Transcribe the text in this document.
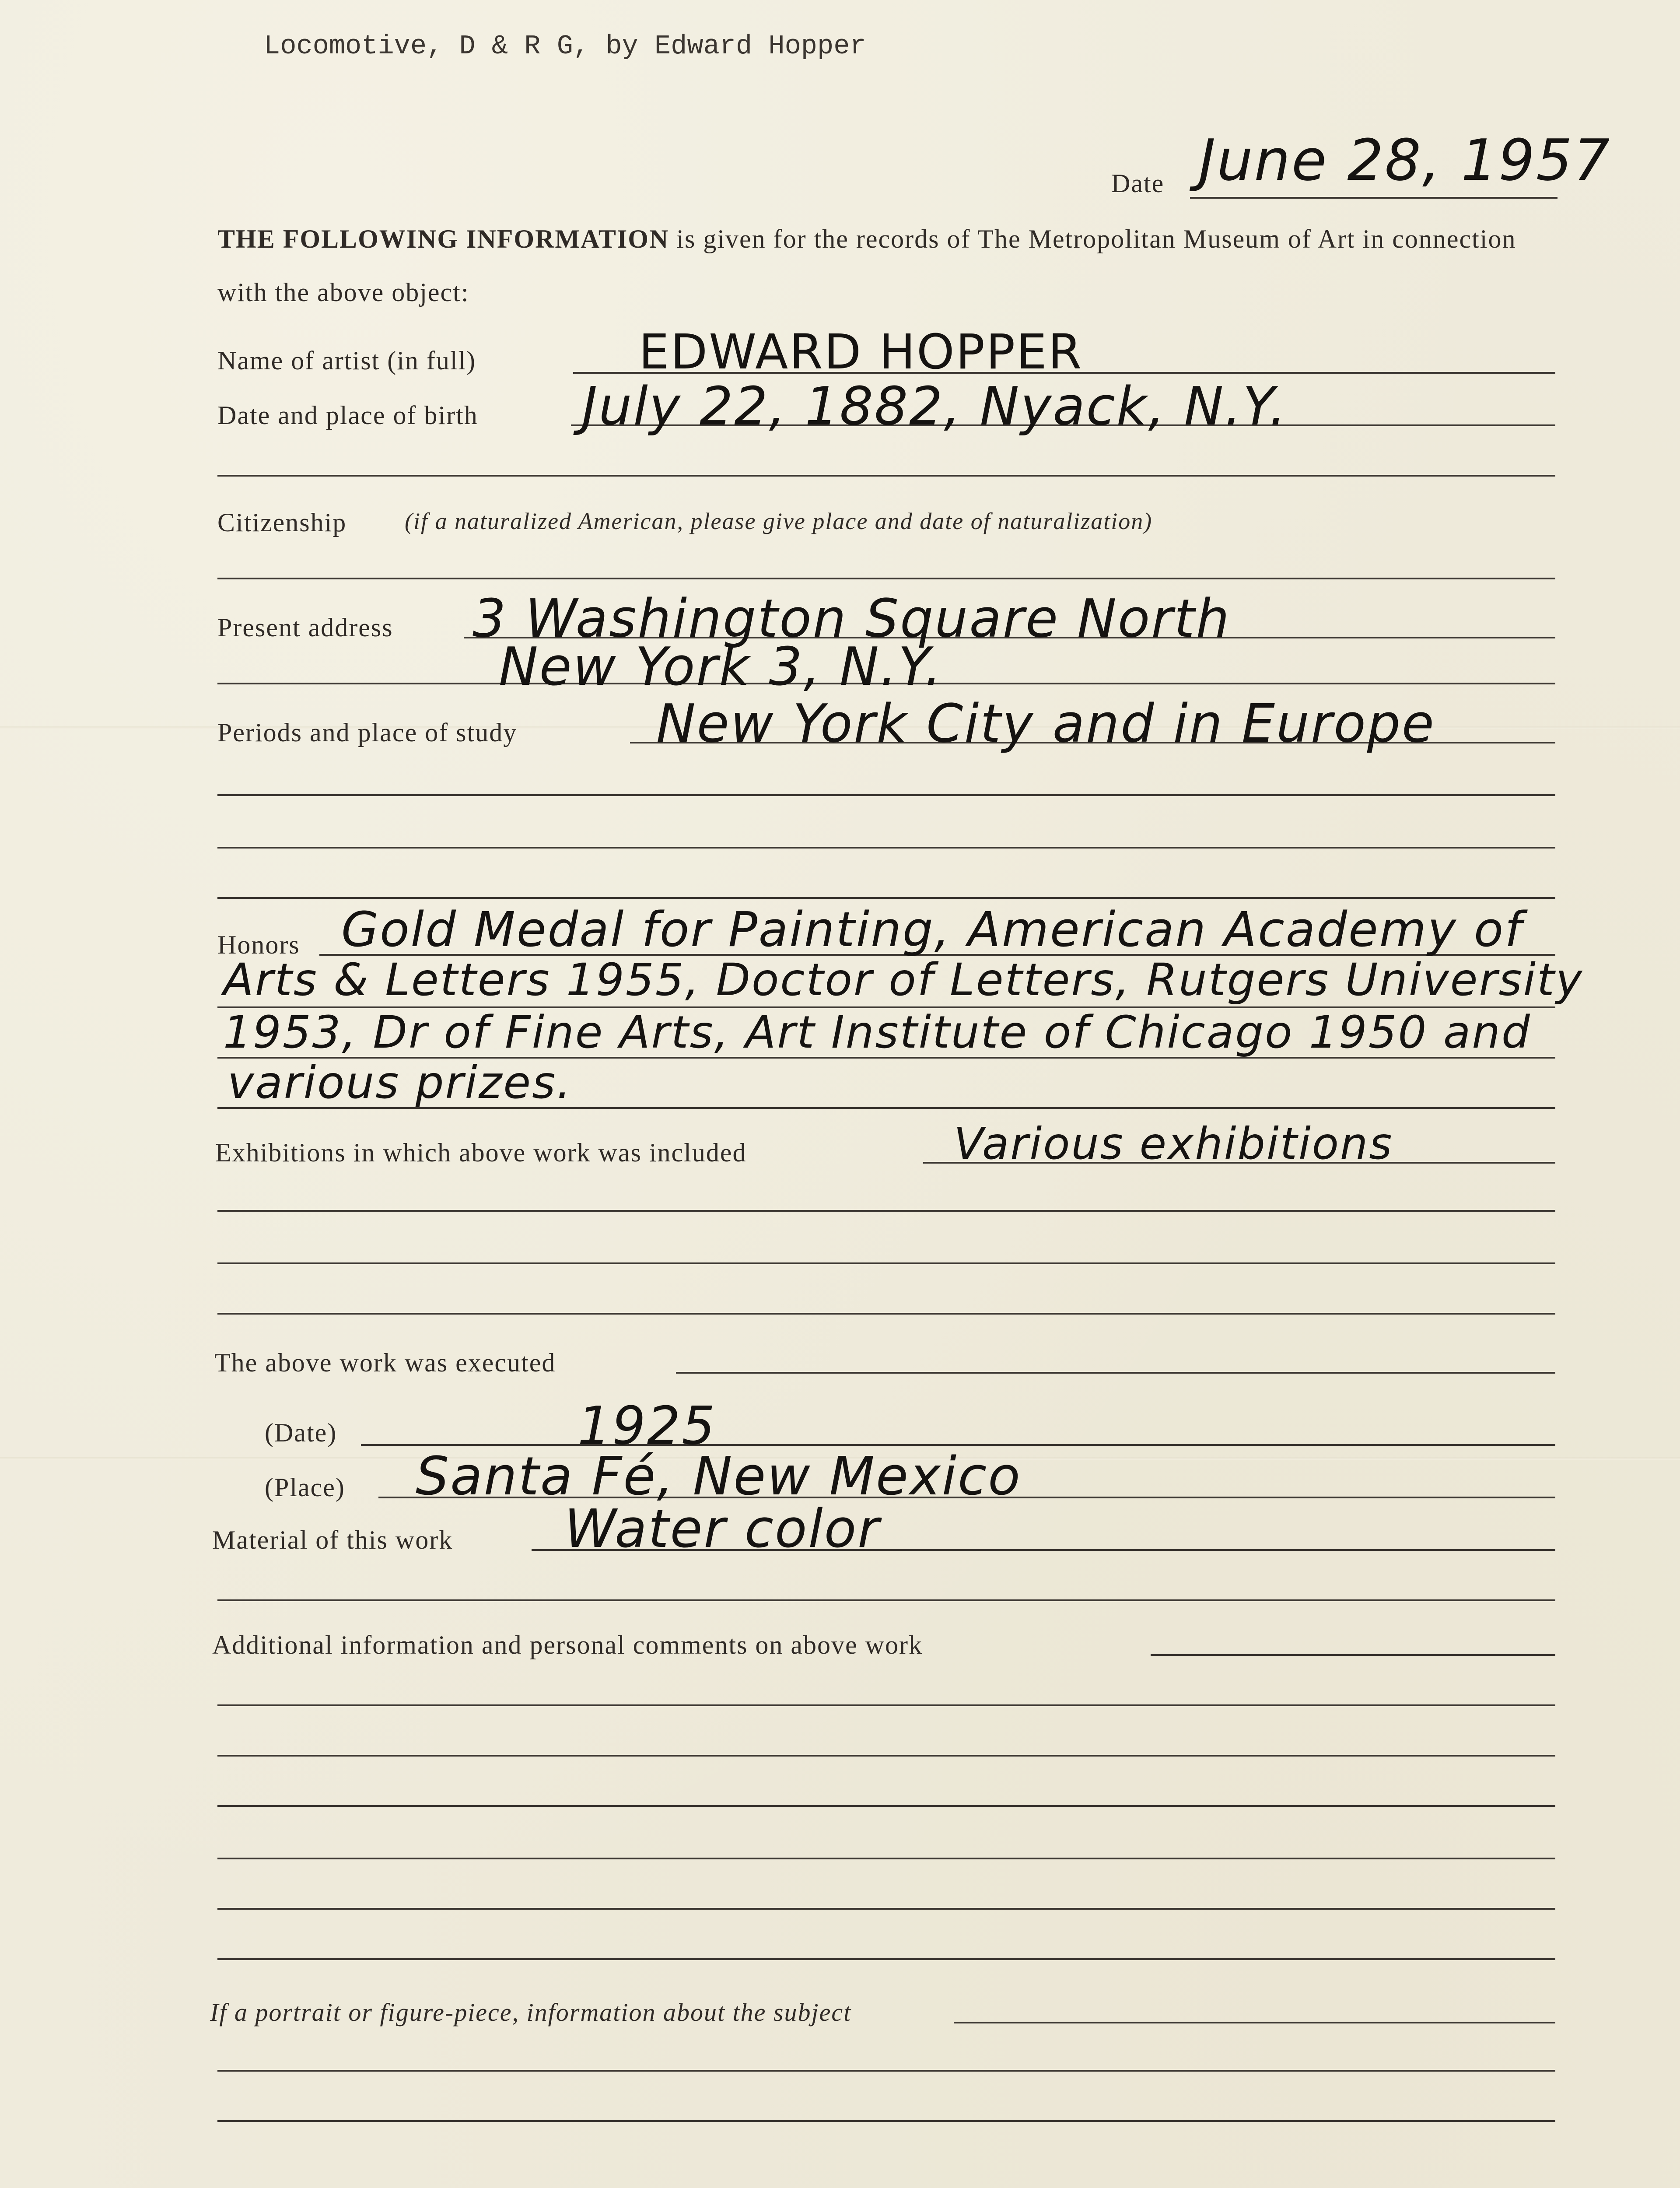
Locomotive, D & R G, by Edward Hopper
Date June 28, 1957
THE FOLLOWING INFORMATION is given for the records of The Metropolitan Museum of Art in connection with the above object:
Name of artist (in full)	EDWARD HOPPER
Date and place of birth July 22, 1882, Nyack, N.Y.
Citizenship (if a naturalized American, please give place and date of naturalization)
Present address 3 Washington Square North
New York 3, N.Y.
Periods and place of study	New York City and in Europe
Honors Gold Medal for Painting, American Academy of
Arts & Letters 1955, Doctor of Letters, Rutgers University
1953, Dr of Fine Arts, Art Institute of Chicago 1950 and
various prizes.
Exhibitions in which above work was included	Various exhibitions
The above work was executed
(Date)	1925
(Place) Santa Fé, New Mexico
Material of this work Water color
Additional information and personal comments on above work
If a portrait or figure-piece, information about the subject
